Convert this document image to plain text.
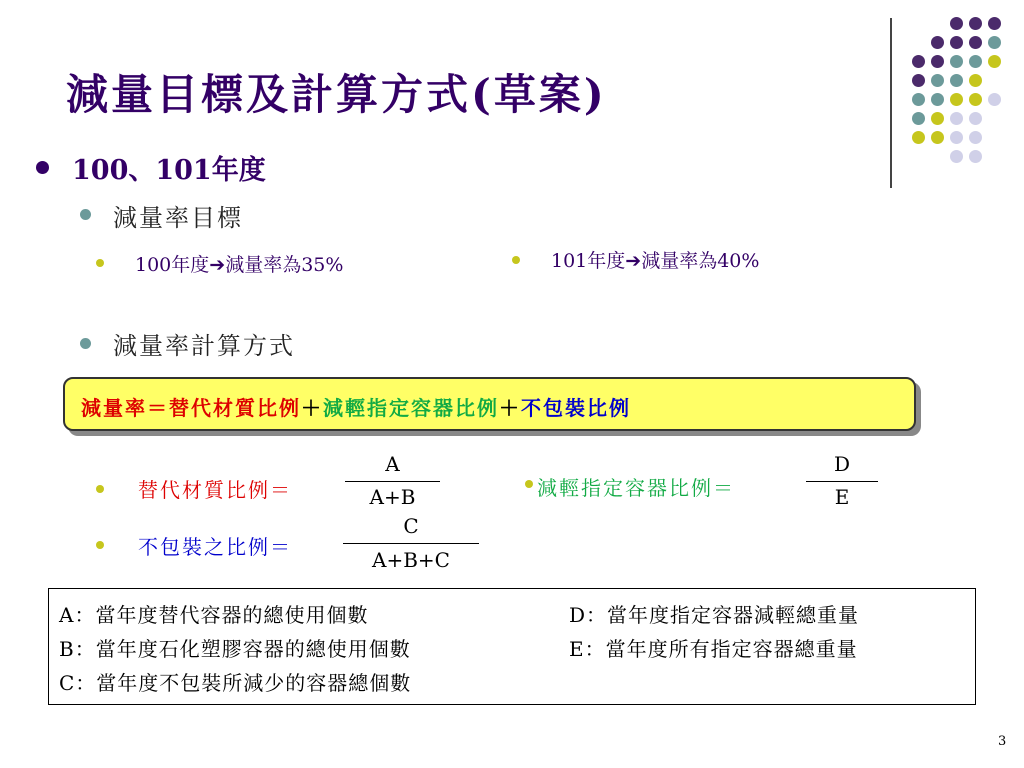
減量目標及計算方式(草案)
100、101年度
減量率目標
100年度➔減量率為35%	101年度➔減量率為40%
減量率計算方式
減量率＝替代材質比例＋減輕指定容器比例＋不包裝比例
替代材質比例＝
A
A+B	減輕指定容器比例＝
D
E
不包裝之比例＝
C
A+B+C
A：當年度替代容器的總使用個數
B：當年度石化塑膠容器的總使用個數
C：當年度不包裝所減少的容器總個數
D：當年度指定容器減輕總重量
E：當年度所有指定容器總重量
3
